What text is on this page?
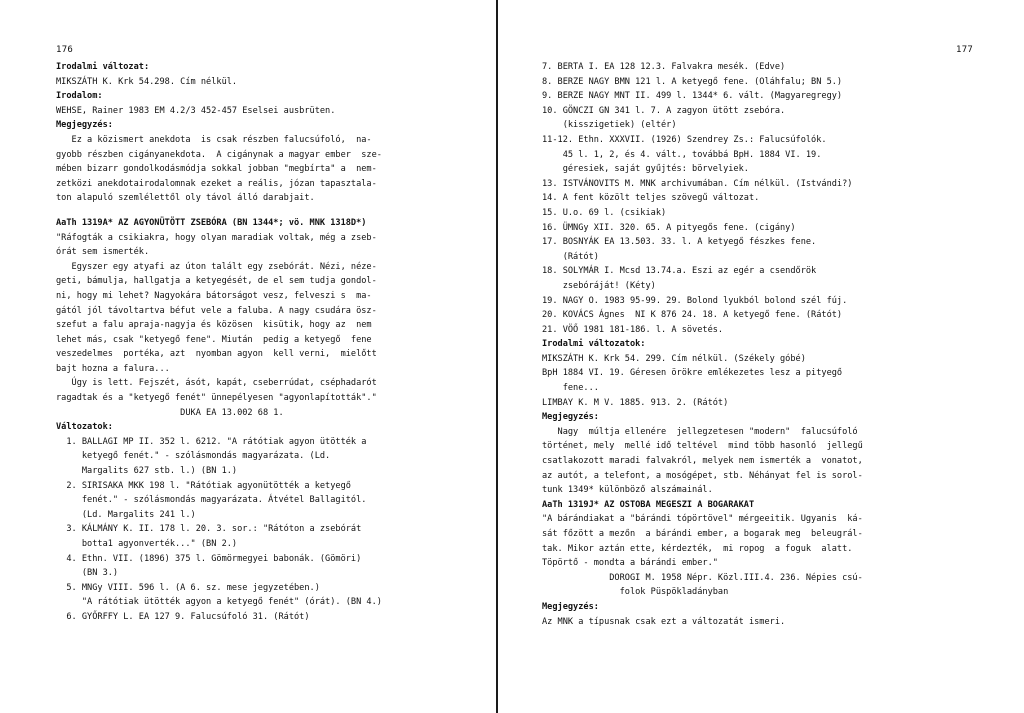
176	177
Irodalmi változat:
MIKSZÁTH K. Krk 54.298. Cím nélkül.
Irodalom:
WEHSE, Rainer 1983 EM 4.2/3 452-457 Eselsei ausbrüten.
Megjegyzés:
Ez a közismert anekdota  is csak részben falucsúfoló,  na-
gyobb részben cigányanekdota.  A cigánynak a magyar ember  sze-
mében bizarr gondolkodásmódja sokkal jobban "megbírta" a  nem-
zetközi anekdotairodalomnak ezeket a reális, józan tapasztala-
ton alapuló szemlélettől oly távol álló darabjait.
AaTh 1319A* AZ AGYONÜTÖTT ZSEBÓRA (BN 1344*; vö. MNK 1318D*)
"Ráfogták a csikiakra, hogy olyan maradiak voltak, még a zseb-
órát sem ismerték.
Egyszer egy atyafi az úton talált egy zsebórát. Nézi, néze-
geti, bámulja, hallgatja a ketyegését, de el sem tudja gondol-
ni, hogy mi lehet? Nagyokára bátorságot vesz, felveszi s  ma-
gától jól távoltartva béfut vele a faluba. A nagy csudára ösz-
szefut a falu apraja-nagyja és közösen  kisütik, hogy az  nem
lehet más, csak "ketyegő fene". Miután  pedig a ketyegő  fene
veszedelmes  portéka, azt  nyomban agyon  kell verni,  mielőtt
bajt hozna a falura...
Úgy is lett. Fejszét, ásót, kapát, cseberrúdat, cséphadarót
ragadtak és a "ketyegő fenét" ünnepélyesen "agyonlapították"."
DUKA EA 13.002 68 1.
Változatok:
1. BALLAGI MP II. 352 l. 6212. "A rátótiak agyon ütötték a
ketyegő fenét." - szólásmondás magyarázata. (Ld.
Margalits 627 stb. l.) (BN 1.)
2. SIRISAKA MKK 198 l. "Rátótiak agyonütötték a ketyegő
fenét." - szólásmondás magyarázata. Átvétel Ballagitól.
(Ld. Margalits 241 l.)
3. KÁLMÁNY K. II. 178 l. 20. 3. sor.: "Rátóton a zsebórát
botta1 agyonverték..." (BN 2.)
4. Ethn. VII. (1896) 375 l. Gömörmegyei babonák. (Gömöri)
(BN 3.)
5. MNGy VIII. 596 l. (A 6. sz. mese jegyzetében.)
"A rátótiak ütötték agyon a ketyegő fenét" (órát). (BN 4.)
6. GYŐRFFY L. EA 127 9. Falucsúfoló 31. (Rátót)
7. BERTA I. EA 128 12.3. Falvakra mesék. (Edve)
8. BERZE NAGY BMN 121 l. A ketyegő fene. (Oláhfalu; BN 5.)
9. BERZE NAGY MNT II. 499 l. 1344* 6. vált. (Magyaregregy)
10. GÖNCZI GN 341 l. 7. A zagyon ütött zsebóra.
(kisszigetiek) (eltér)
11-12. Ethn. XXXVII. (1926) Szendrey Zs.: Falucsúfolók.
45 l. 1, 2, és 4. vált., továbbá BpH. 1884 VI. 19.
géresiek, saját gyűjtés: börvelyiek.
13. ISTVÁNOVITS M. MNK archivumában. Cím nélkül. (Istvándi?)
14. A fent közölt teljes szövegű változat.
15. U.o. 69 l. (csikiak)
16. ÜMNGy XII. 320. 65. A pityegős fene. (cigány)
17. BOSNYÁK EA 13.503. 33. l. A ketyegő fészkes fene.
(Rátót)
18. SOLYMÁR I. Mcsd 13.74.a. Eszi az egér a csendőrök
zsebóráját! (Kéty)
19. NAGY O. 1983 95-99. 29. Bolond lyukból bolond szél fúj.
20. KOVÁCS Ágnes  NI K 876 24. 18. A ketyegő fene. (Rátót)
21. VÖŐ 1981 181-186. l. A sövetés.
Irodalmi változatok:
MIKSZÁTH K. Krk 54. 299. Cím nélkül. (Székely góbé)
BpH 1884 VI. 19. Géresen örökre emlékezetes lesz a pityegő
fene...
LIMBAY K. M V. 1885. 913. 2. (Rátót)
Megjegyzés:
Nagy  múltja ellenére  jellegzetesen "modern"  falucsúfoló
történet, mely  mellé idő teltével  mind több hasonló  jellegű
csatlakozott maradi falvakról, melyek nem ismerték a  vonatot,
az autót, a telefont, a mosógépet, stb. Néhányat fel is sorol-
tunk 1349* különböző alszámainál.
AaTh 1319J* AZ OSTOBA MEGESZI A BOGARAKAT
"A bárándiakat a "bárándi tópörtövel" mérgeeitik. Ugyanis  ká-
sát főzött a mezőn  a bárándi ember, a bogarak meg  beleugrál-
tak. Mikor aztán ette, kérdezték,  mi ropog  a foguk  alatt.
Töpörtő - mondta a bárándi ember."
DOROGI M. 1958 Népr. Közl.III.4. 236. Népies csú-
folok Püspökladányban
Megjegyzés:
Az MNK a típusnak csak ezt a változatát ismeri.
